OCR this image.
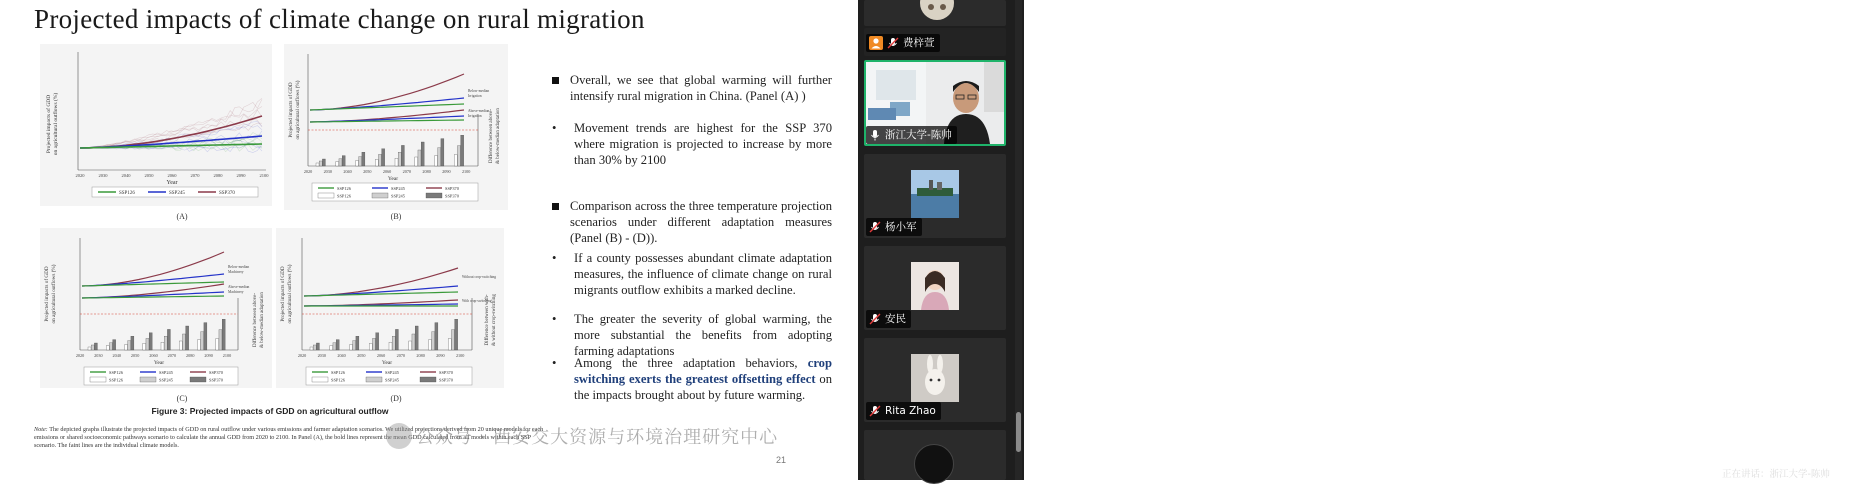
Projected impacts of climate change on rural migration
Projected impacts of GDD on agricultural outflows (%)
2020	2030	2040	2050	2060	2070	2080	2090	2100
Year
SSP126	SSP245	SSP370
(A)
Projected impacts of GDD on agricultural outflows (%)	Difference between above- & below-median adaptation
Below-median
Irrigation
Above-median
Irrigation
2020	2030	2040	2050	2060	2070	2080	2090	2100
Year
SSP126
SSP126
SSP245
SSP245
SSP370
SSP370
(B)
Projected impacts of GDD on agricultural outflows (%)	Difference between above- & below-median adaptation
Below-median
Machinery
Above-median
Machinery
2020 2030 2040 2050 2060 2070 2080 2090 2100
Year
SSP126
SSP126
SSP245
SSP245
SSP370
SSP370
(C)
Projected impacts of GDD on agricultural outflows (%)	Difference between with- & without crop-switching
Without crop-switching
With crop-switching
2020	2030	2040	2050	2060	2070	2080	2090	2100
Year
SSP126
SSP126
SSP245
SSP245
SSP370
SSP370
(D)
Figure 3: Projected impacts of GDD on agricultural outflow
Note: The depicted graphs illustrate the projected impacts of GDD on rural outflow under various emissions and farmer adaptation scenarios. We utilized projections derived from 20 unique models for each emissions or shared socioeconomic pathways scenario to calculate the annual GDD from 2020 to 2100. In Panel (A), the bold lines represent the mean GDD calculated from all models within each SSP scenario. The faint lines are the individual climate models.
Overall, we see that global warming will further intensify rural migration in China. (Panel (A) )
• Movement trends are highest for the SSP 370 where migration is projected to increase by more than 30% by 2100
Comparison across the three temperature projection scenarios under different adaptation measures (Panel (B) - (D)).
• If a county possesses abundant climate adaptation measures, the influence of climate change on rural migrants outflow exhibits a marked decline.
• The greater the severity of global warming, the more substantial the benefits from adopting farming adaptations
• Among the three adaptation behaviors, crop switching exerts the greatest offsetting effect on the impacts brought about by future warming.
公众号 · 西安交大资源与环境治理研究中心
21
费梓萱
浙江大学-陈帅
杨小军
安民
Rita Zhao
正在讲话：浙江大学-陈帅
